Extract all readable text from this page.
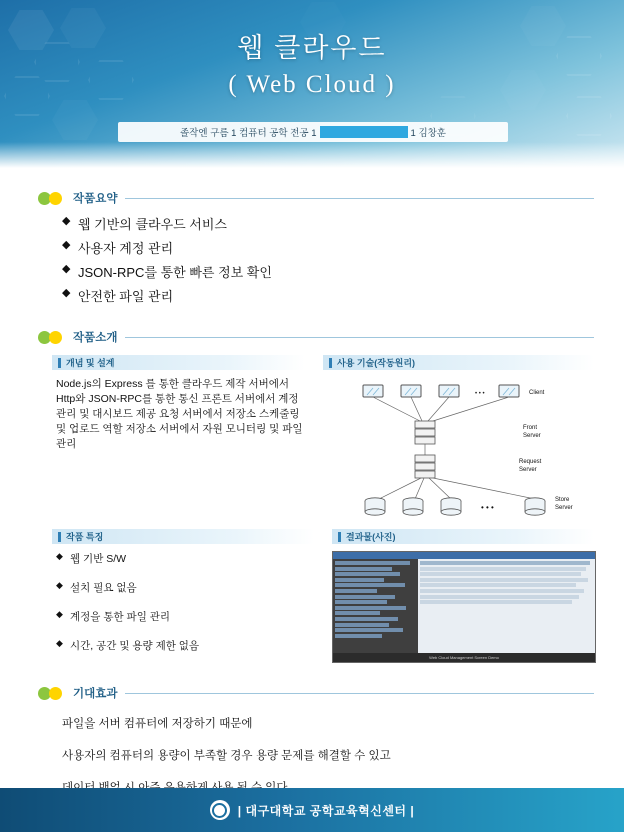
웹 클라우드
( Web Cloud )
졸작엔 구름 1 컴퓨터 공학 전공 1	1 김창훈
작품요약
◆ 웹 기반의 클라우드 서비스
◆ 사용자 계정 관리
◆ JSON-RPC를 통한 빠른 정보 확인
◆ 안전한 파일 관리
작품소개
개념 및 설계
Node.js의 Express 를 통한 클라우드 제작 서버에서 Http와 JSON-RPC를 통한 통신 프론트 서버에서 계정 관리 및 대시보드 제공 요청 서버에서 저장소 스케줄링 및 업로드 역할 저장소 서버에서 자원 모니터링 및 파일 관리
사용 기술(작동원리)
• • •	Client
Front
Server
Request
Server
• • •
Store
Server
작품 특징
◆ 웹 기반 S/W
◆ 설치 필요 없음
◆ 계정을 통한 파일 관리
◆ 시간, 공간 및 용량 제한 없음
결과물(사진)
Web Cloud Management Screen Demo
기대효과

파일을 서버 컴퓨터에 저장하기 때문에

사용자의 컴퓨터의 용량이 부족할 경우 용량 문제를 해결할 수 있고

| 대구대학교 공학교육혁신센터 |
